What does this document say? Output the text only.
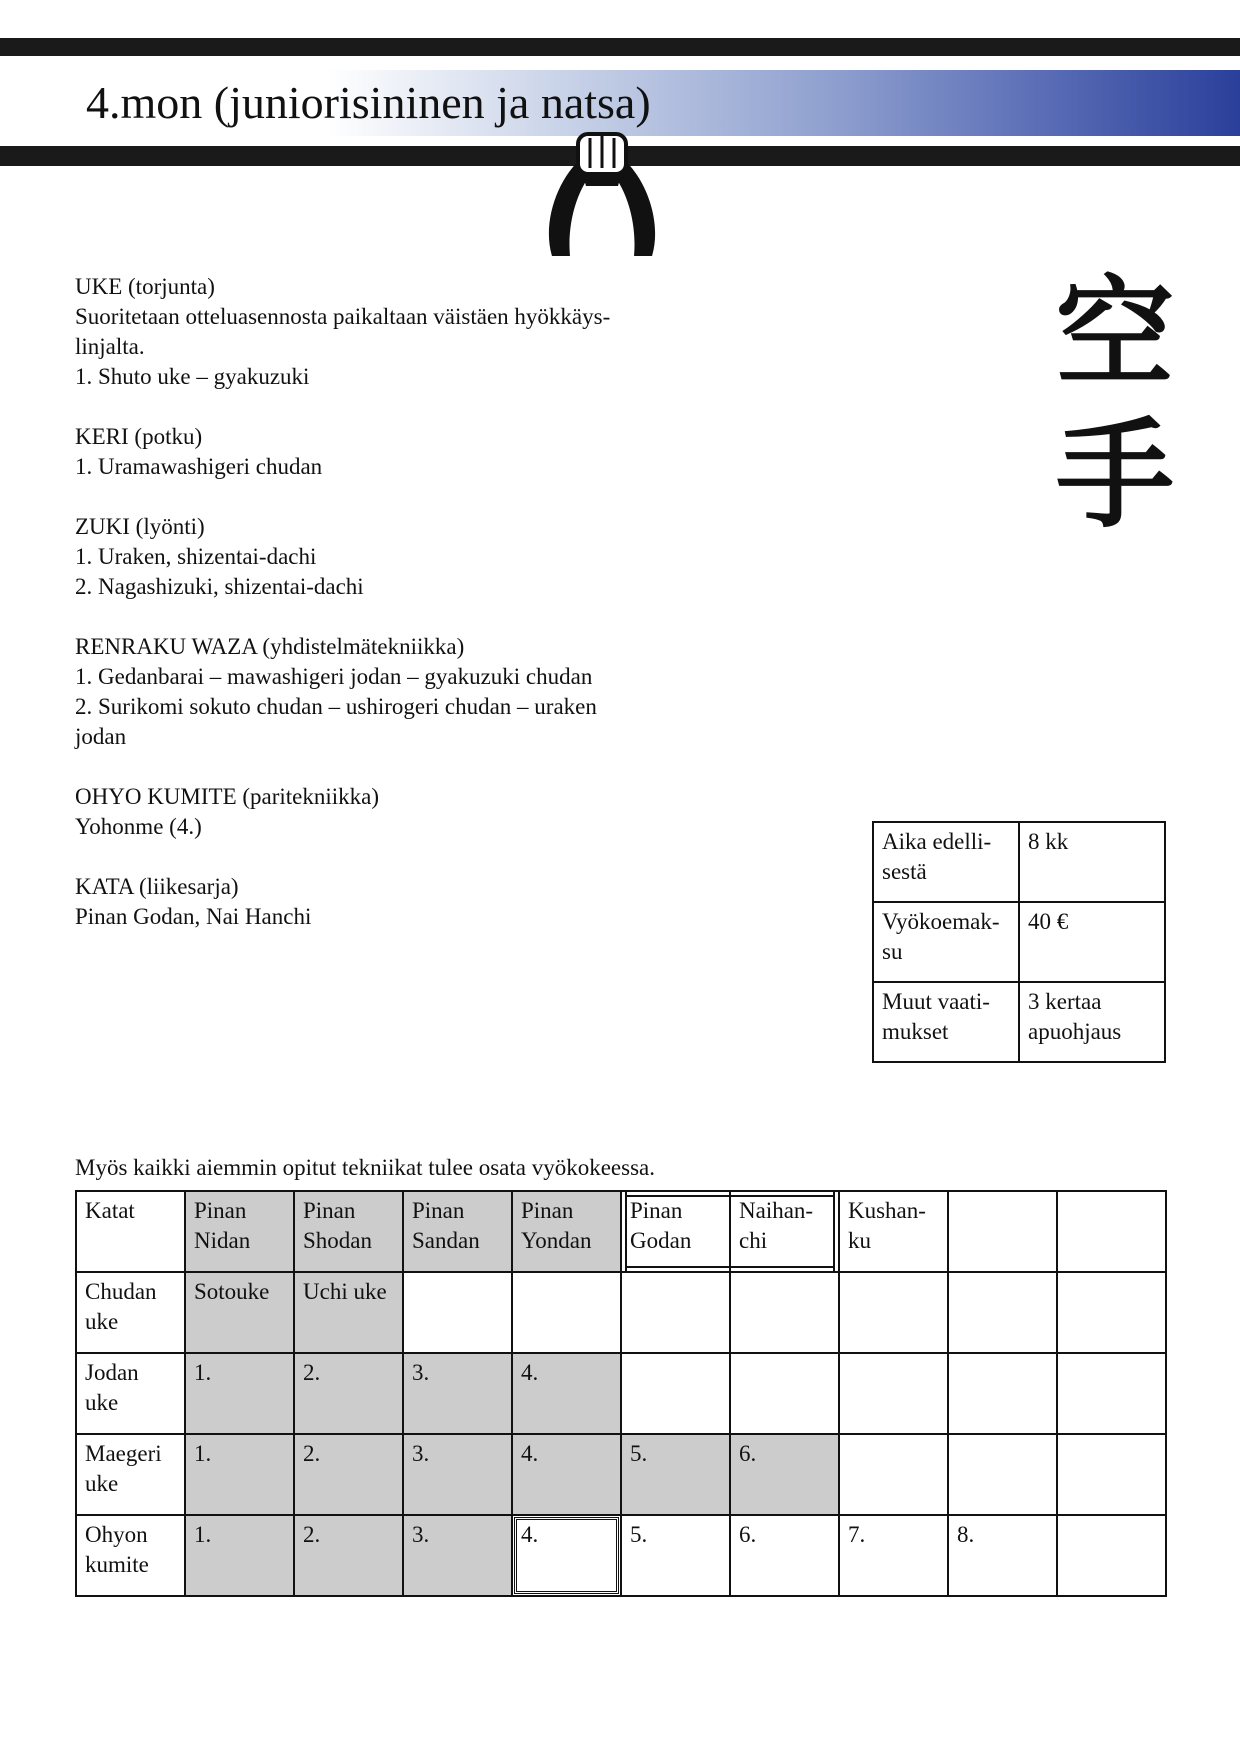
4.mon (juniorisininen ja natsa)
空
手

UKE (torjunta)

Suoritetaan otteluasennosta paikaltaan väistäen hyökkäys-

linjalta.

1. Shuto uke – gyakuzuki

KERI (potku)

1. Uramawashigeri chudan

ZUKI (lyönti)

1. Uraken, shizentai-dachi

2. Nagashizuki, shizentai-dachi

RENRAKU WAZA (yhdistelmätekniikka)

1. Gedanbarai – mawashigeri jodan – gyakuzuki chudan

2. Surikomi sokuto chudan – ushirogeri chudan – uraken

jodan

OHYO KUMITE (paritekniikka)

Yohonme (4.)

KATA (liikesarja)

Pinan Godan, Nai Hanchi

Aika edelli- sestä	8 kk
Vyökoemak- su	40 €
Muut vaati- mukset	3 kertaa apuohjaus
Myös kaikki aiemmin opitut tekniikat tulee osata vyökokeessa.
Katat	Pinan Nidan	Pinan Shodan	Pinan Sandan	Pinan Yondan	Pinan Godan	Naihan- chi	Kushan- ku		
Chudan uke	Sotouke	Uchi uke							
Jodan uke	1.	2.	3.	4.					
Maegeri uke	1.	2.	3.	4.	5.	6.			
Ohyon kumite	1.	2.	3.	4.	5.	6.	7.	8.	
